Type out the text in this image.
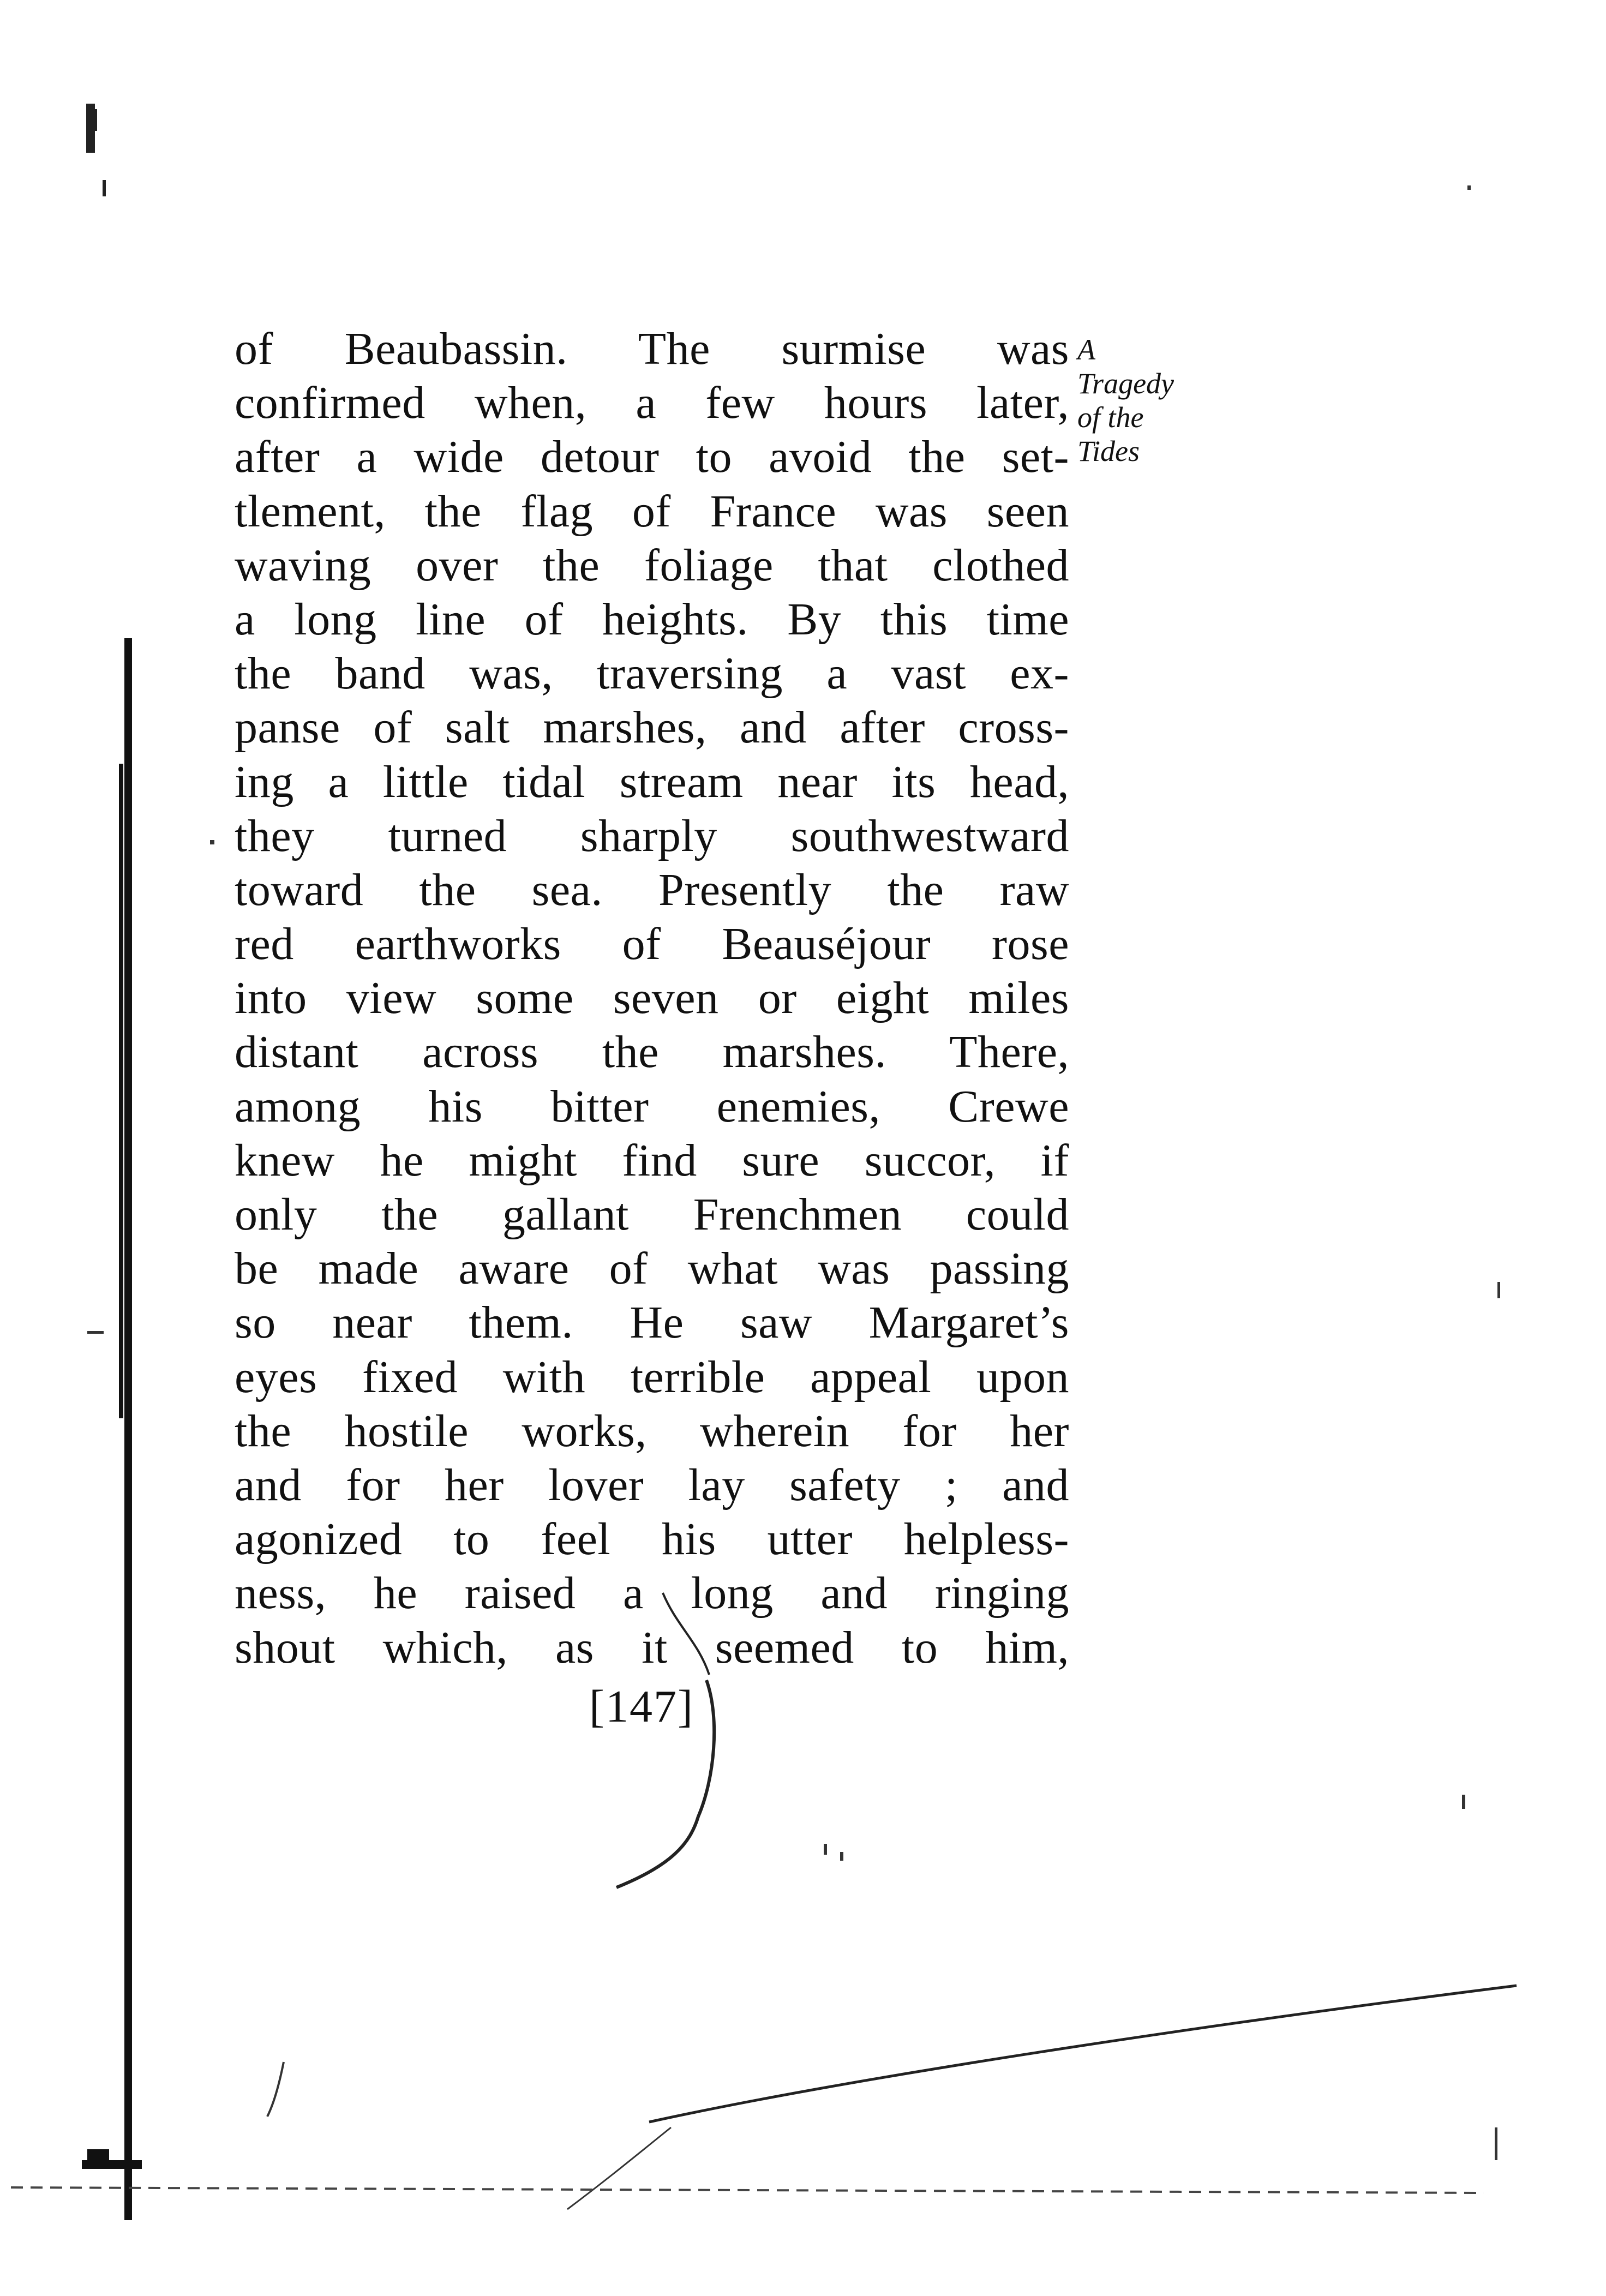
of Beaubassin. The surmise was
confirmed when, a few hours later,
after a wide detour to avoid the set-
tlement, the flag of France was seen
waving over the foliage that clothed
a long line of heights. By this time
the band was, traversing a vast ex-
panse of salt marshes, and after cross-
ing a little tidal stream near its head,
they turned sharply southwestward
toward the sea. Presently the raw
red earthworks of Beauséjour rose
into view some seven or eight miles
distant across the marshes. There,
among his bitter enemies, Crewe
knew he might find sure succor, if
only the gallant Frenchmen could
be made aware of what was passing
so near them. He saw Margaret’s
eyes fixed with terrible appeal upon
the hostile works, wherein for her
and for her lover lay safety ; and
agonized to feel his utter helpless-
ness, he raised a long and ringing
shout which, as it seemed to him,
A
Tragedy
of the
Tides
[147]
